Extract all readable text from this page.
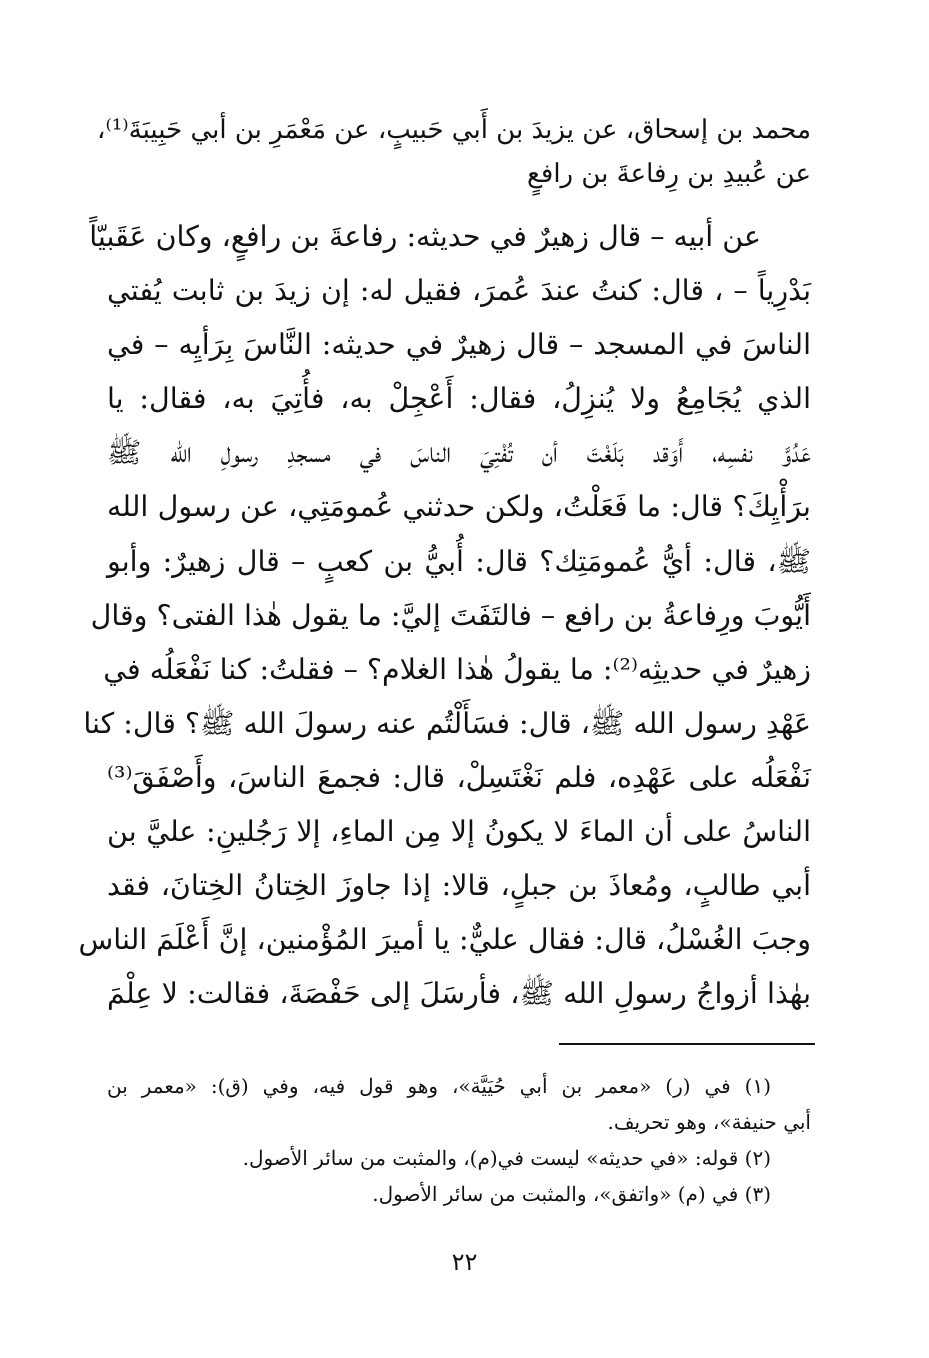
محمد بن إسحاق، عن يزيدَ بن أَبي حَبيبٍ، عن مَعْمَرِ بن أبي حَبِيبَةَ⁽¹⁾،
عن عُبيدِ بن رِفاعةَ بن رافعٍ
عن أبيه – قال زهيرٌ في حديثه: رفاعةَ بن رافعٍ، وكان عَقَبيّاً
بَدْرِياً – ، قال: كنتُ عندَ عُمرَ، فقيل له: إن زيدَ بن ثابت يُفتي
الناسَ في المسجد – قال زهيرٌ في حديثه: النَّاسَ بِرَأيِه – في
الذي يُجَامِعُ ولا يُنزِلُ، فقال: أَعْجِلْ به، فأُتِيَ به، فقال: يا
عَدُوَّ نفسِه، أَوَقد بَلَغْتَ أن تُفْتِيَ الناسَ في مسجدِ رسولِ الله ﷺ
برَأْيِكَ؟ قال: ما فَعَلْتُ، ولكن حدثني عُمومَتِي، عن رسول الله
ﷺ، قال: أيُّ عُمومَتِك؟ قال: أُبيُّ بن كعبٍ – قال زهيرٌ: وأبو
أَيُّوبَ ورِفاعةُ بن رافع – فالتَفَتَ إليَّ: ما يقول هٰذا الفتى؟ وقال
زهيرٌ في حديثِه⁽²⁾: ما يقولُ هٰذا الغلام؟ – فقلتُ: كنا نَفْعَلُه في
عَهْدِ رسول الله ﷺ، قال: فسَأَلْتُم عنه رسولَ الله ﷺ؟ قال: كنا
نَفْعَلُه على عَهْدِه، فلم نَغْتَسِلْ، قال: فجمعَ الناسَ، وأَصْفَقَ⁽³⁾
الناسُ على أن الماءَ لا يكونُ إلا مِن الماءِ، إلا رَجُلينِ: عليَّ بن
أبي طالبٍ، ومُعاذَ بن جبلٍ، قالا: إذا جاوزَ الخِتانُ الخِتانَ، فقد
وجبَ الغُسْلُ، قال: فقال عليٌّ: يا أميرَ المُؤْمنين، إنَّ أَعْلَمَ الناس
بهٰذا أزواجُ رسولِ الله ﷺ، فأرسَلَ إلى حَفْصَةَ، فقالت: لا عِلْمَ
(١) في (ر) «معمر بن أبي حُيَيَّة»، وهو قول فيه، وفي (ق): «معمر بن
أبي حنيفة»، وهو تحريف.
(٢) قوله: «في حديثه» ليست في(م)، والمثبت من سائر الأصول.
(٣) في (م) «واتفق»، والمثبت من سائر الأصول.
٢٢
